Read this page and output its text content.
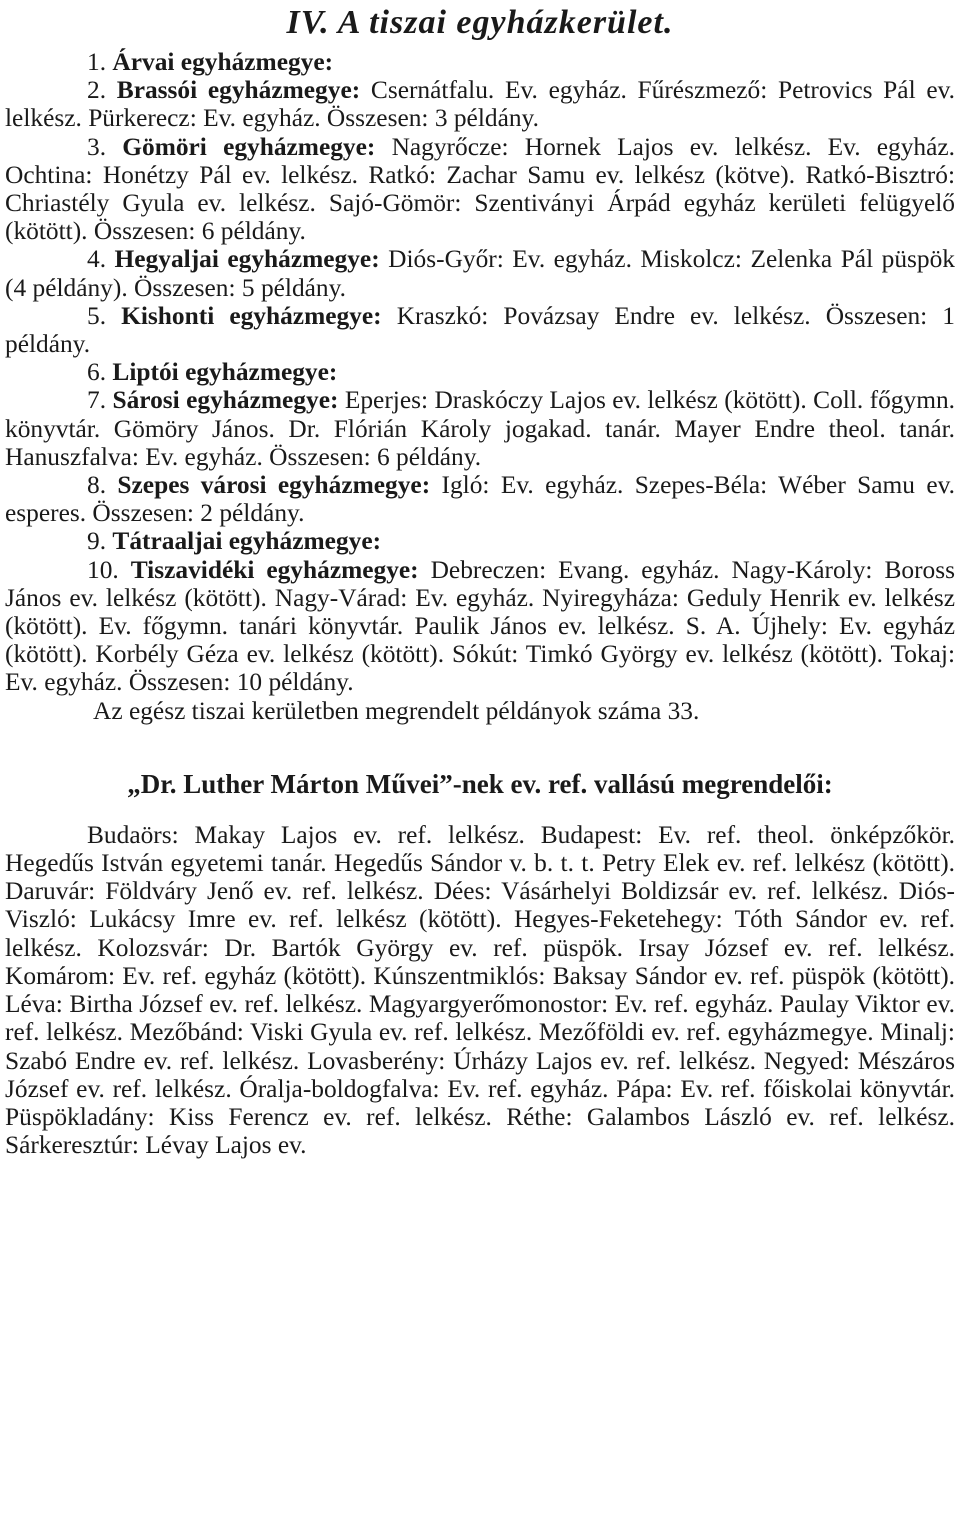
IV. A tiszai egyházkerület.

1. Árvai egyházmegye:

2. Brassói egyházmegye: Csernátfalu. Ev. egyház. Fűrészmező: Petrovics Pál ev. lelkész. Pürkerecz: Ev. egyház. Összesen: 3 példány.

3. Gömöri egyházmegye: Nagyrőcze: Hornek Lajos ev. lelkész. Ev. egyház. Ochtina: Honétzy Pál ev. lelkész. Ratkó: Zachar Samu ev. lelkész (kötve). Ratkó-Bisztró: Chriastély Gyula ev. lelkész. Sajó-Gömör: Szentiványi Árpád egyház kerületi felügyelő (kötött). Összesen: 6 példány.

4. Hegyaljai egyházmegye: Diós-Győr: Ev. egyház. Miskolcz: Zelenka Pál püspök (4 példány). Összesen: 5 példány.

5. Kishonti egyházmegye: Kraszkó: Povázsay Endre ev. lelkész. Összesen: 1 példány.

6. Liptói egyházmegye:

7. Sárosi egyházmegye: Eperjes: Draskóczy Lajos ev. lelkész (kötött). Coll. főgymn. könyvtár. Gömöry János. Dr. Flórián Károly jogakad. tanár. Mayer Endre theol. tanár. Hanuszfalva: Ev. egyház. Összesen: 6 példány.

8. Szepes városi egyházmegye: Igló: Ev. egyház. Szepes-Béla: Wéber Samu ev. esperes. Összesen: 2 példány.

9. Tátraaljai egyházmegye:

10. Tiszavidéki egyházmegye: Debreczen: Evang. egyház. Nagy-Károly: Boross János ev. lelkész (kötött). Nagy-Várad: Ev. egyház. Nyiregyháza: Geduly Henrik ev. lelkész (kötött). Ev. főgymn. tanári könyvtár. Paulik János ev. lelkész. S. A. Újhely: Ev. egyház (kötött). Korbély Géza ev. lelkész (kötött). Sókút: Timkó György ev. lelkész (kötött). Tokaj: Ev. egyház. Összesen: 10 példány.

Az egész tiszai kerületben megrendelt példányok száma 33.

„Dr. Luther Márton Művei”-nek ev. ref. vallású megrendelői:

Budaörs: Makay Lajos ev. ref. lelkész. Budapest: Ev. ref. theol. önképzőkör. Hegedűs István egyetemi tanár. Hegedűs Sándor v. b. t. t. Petry Elek ev. ref. lelkész (kötött). Daruvár: Földváry Jenő ev. ref. lelkész. Dées: Vásárhelyi Boldizsár ev. ref. lelkész. Diós-Viszló: Lukácsy Imre ev. ref. lelkész (kötött). Hegyes-Feketehegy: Tóth Sándor ev. ref. lelkész. Kolozsvár: Dr. Bartók György ev. ref. püspök. Irsay József ev. ref. lelkész. Komárom: Ev. ref. egyház (kötött). Kúnszentmiklós: Baksay Sándor ev. ref. püspök (kötött). Léva: Birtha József ev. ref. lelkész. Magyargyerőmonostor: Ev. ref. egyház. Paulay Viktor ev. ref. lelkész. Mezőbánd: Viski Gyula ev. ref. lelkész. Mezőföldi ev. ref. egyházmegye. Minalj: Szabó Endre ev. ref. lelkész. Lovasberény: Úrházy Lajos ev. ref. lelkész. Negyed: Mészáros József ev. ref. lelkész. Óralja-boldogfalva: Ev. ref. egyház. Pápa: Ev. ref. főiskolai könyvtár. Püspökladány: Kiss Ferencz ev. ref. lelkész. Réthe: Galambos László ev. ref. lelkész. Sárkeresztúr: Lévay Lajos ev.
